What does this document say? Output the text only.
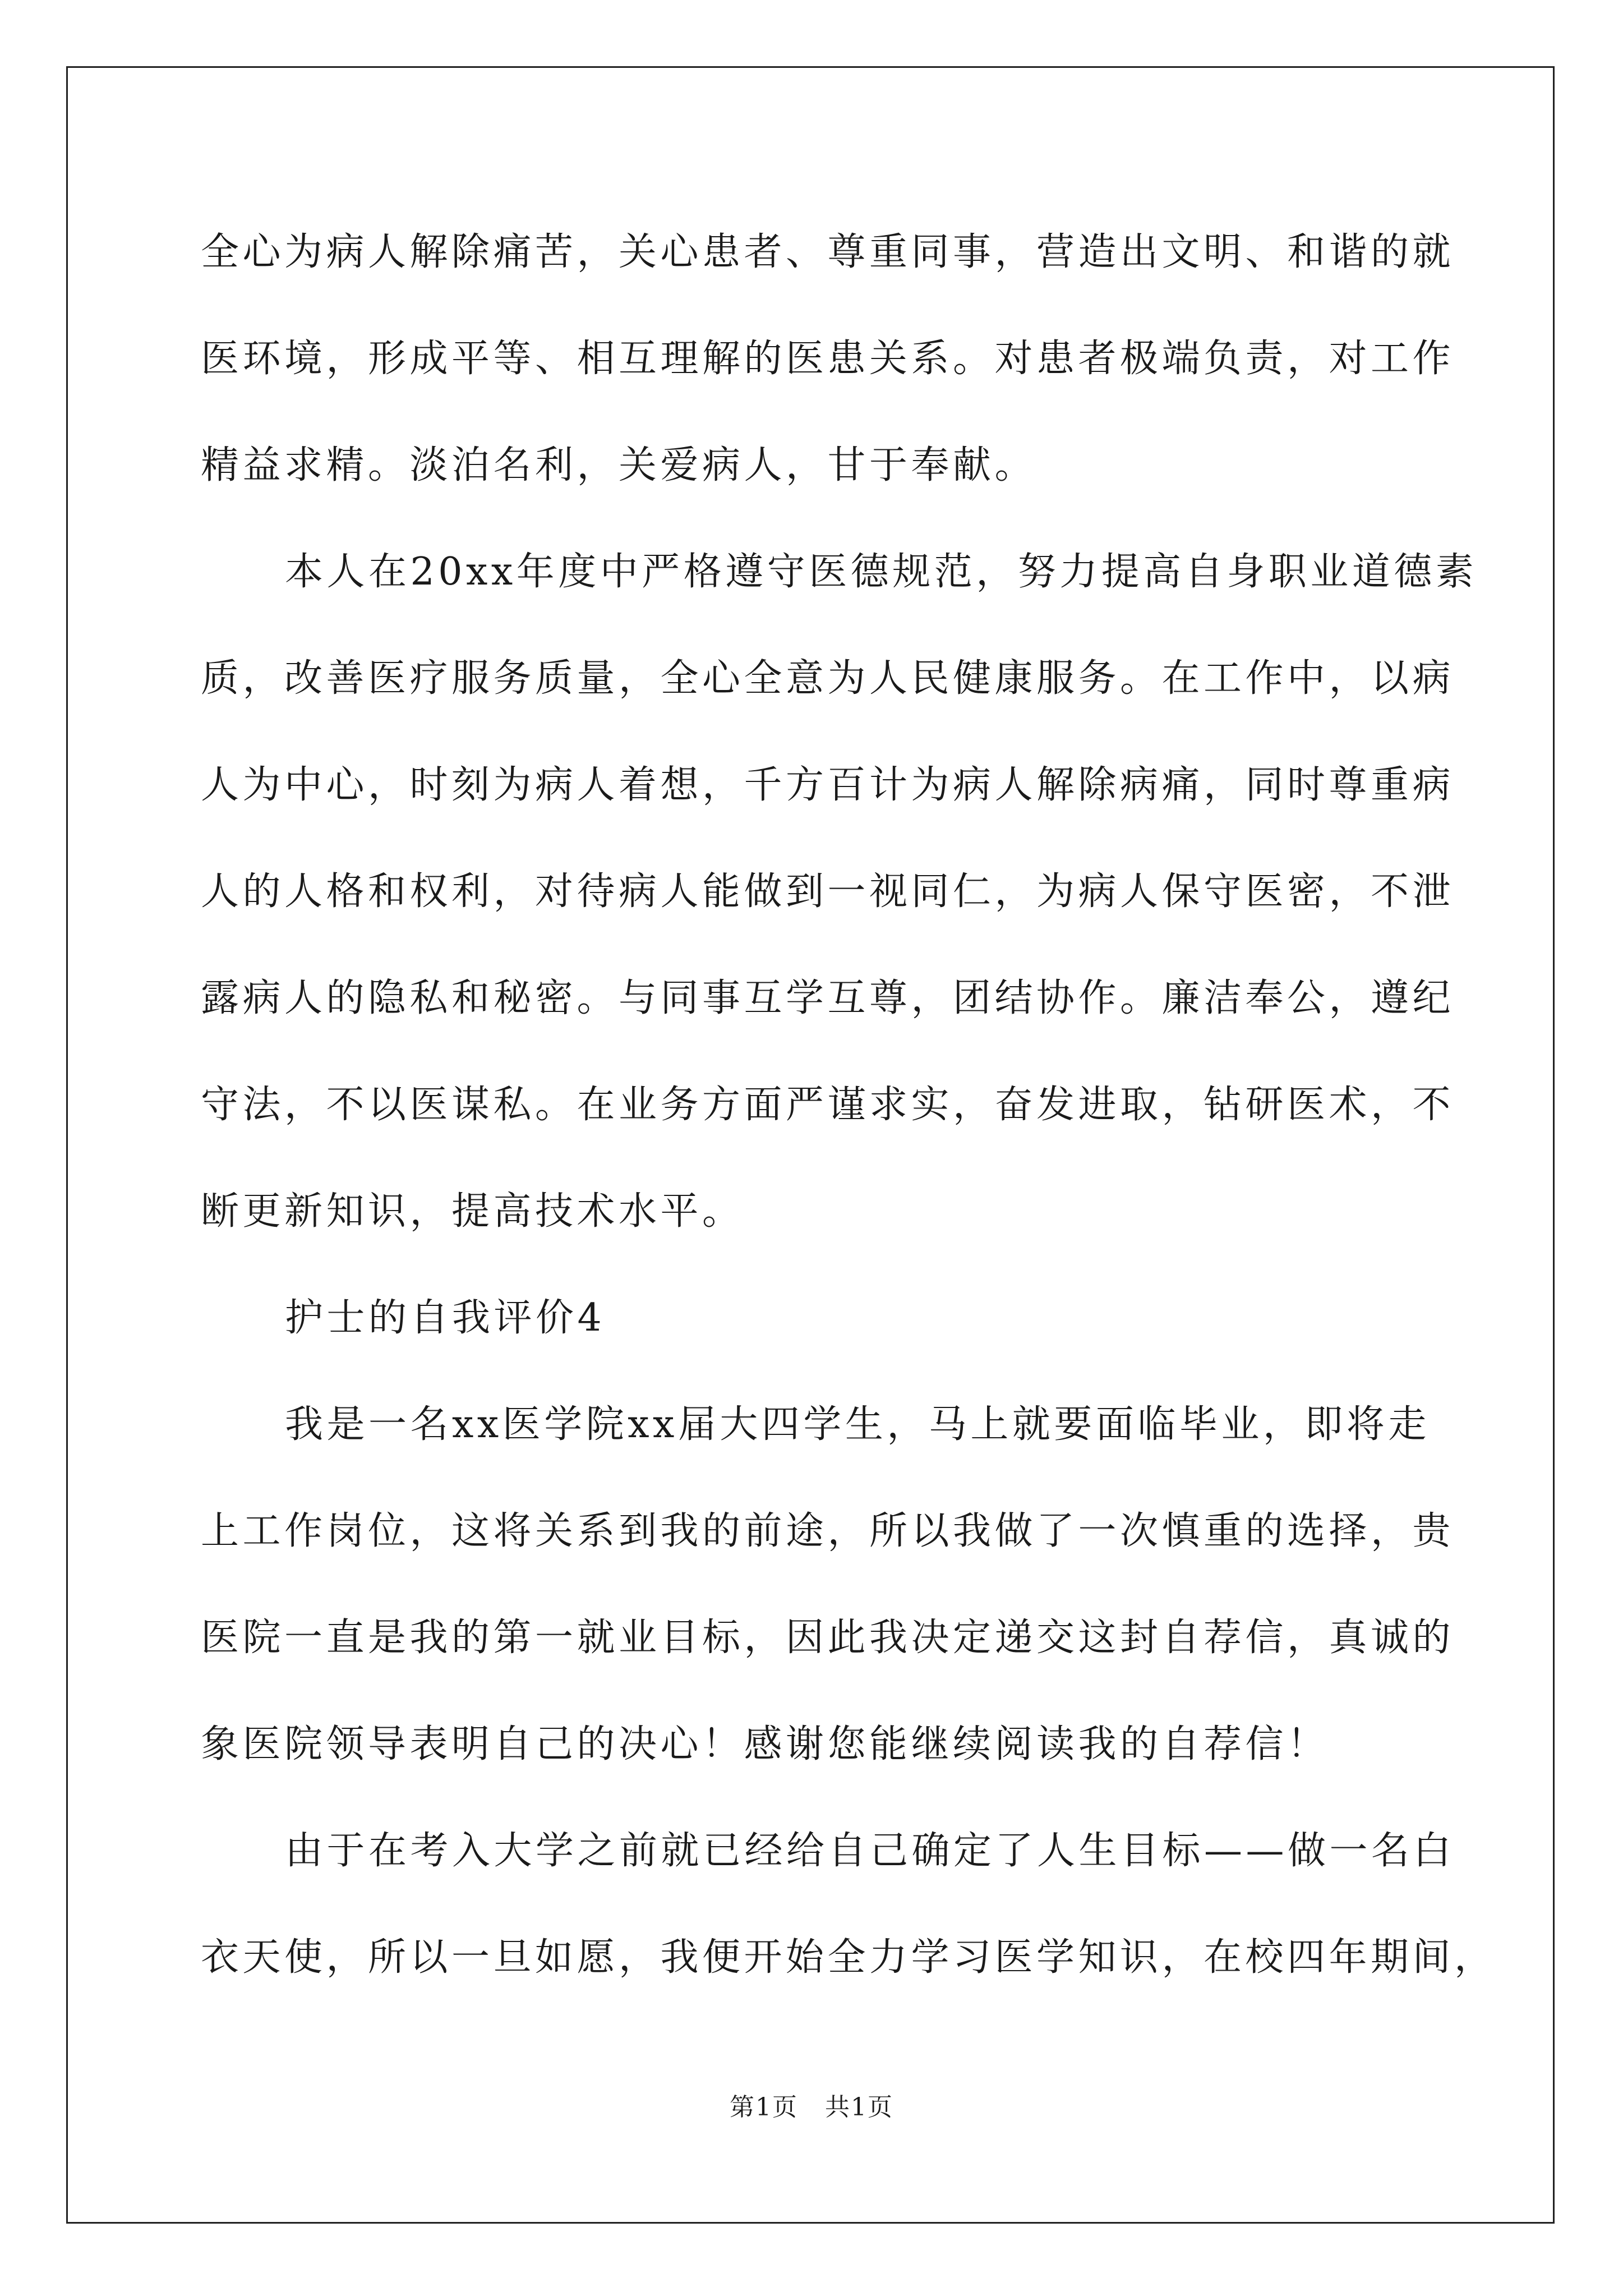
全心为病人解除痛苦，关心患者、尊重同事，营造出文明、和谐的就
医环境，形成平等、相互理解的医患关系。对患者极端负责，对工作
精益求精。淡泊名利，关爱病人，甘于奉献。
本人在20xx年度中严格遵守医德规范，努力提高自身职业道德素
质，改善医疗服务质量，全心全意为人民健康服务。在工作中，以病
人为中心，时刻为病人着想，千方百计为病人解除病痛，同时尊重病
人的人格和权利，对待病人能做到一视同仁，为病人保守医密，不泄
露病人的隐私和秘密。与同事互学互尊，团结协作。廉洁奉公，遵纪
守法，不以医谋私。在业务方面严谨求实，奋发进取，钻研医术，不
断更新知识，提高技术水平。
护士的自我评价4
我是一名xx医学院xx届大四学生，马上就要面临毕业，即将走
上工作岗位，这将关系到我的前途，所以我做了一次慎重的选择，贵
医院一直是我的第一就业目标，因此我决定递交这封自荐信，真诚的
象医院领导表明自己的决心！感谢您能继续阅读我的自荐信！
由于在考入大学之前就已经给自己确定了人生目标——做一名白
衣天使，所以一旦如愿，我便开始全力学习医学知识，在校四年期间，
第1页 共1页
